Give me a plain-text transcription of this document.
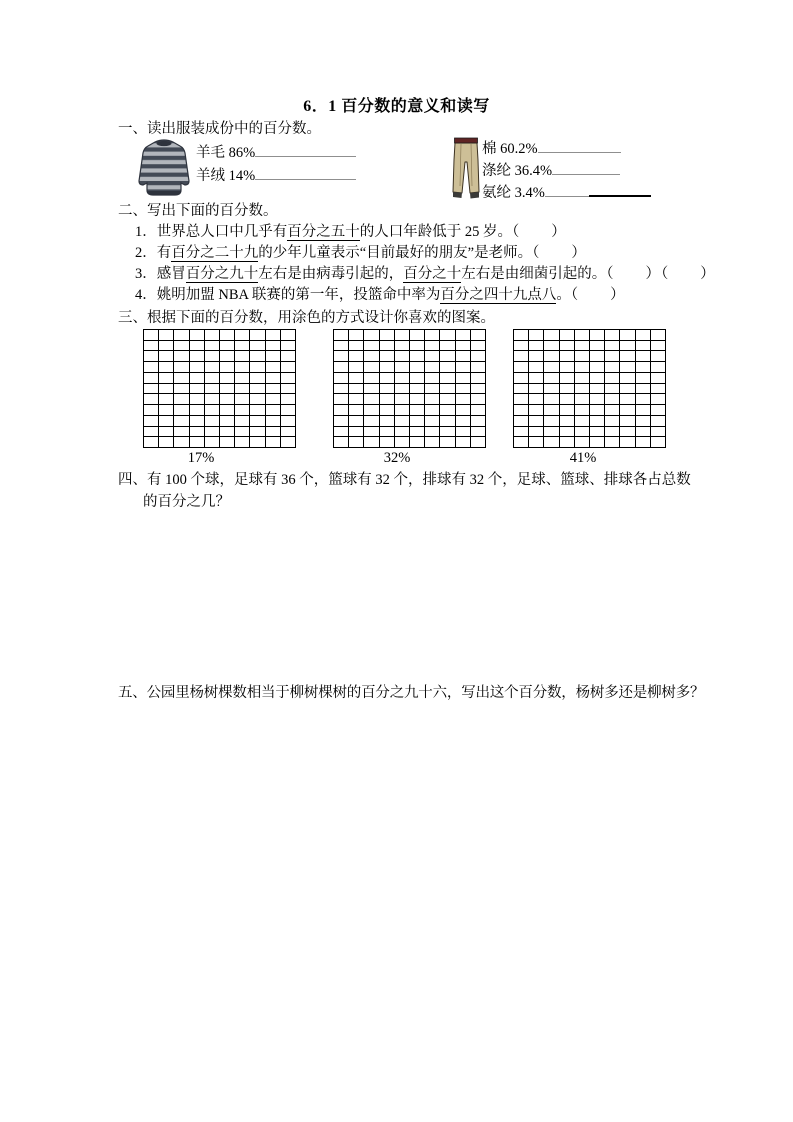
6．1 百分数的意义和读写
一、读出服装成份中的百分数。
羊毛 86%
羊绒 14%
棉 60.2%
涤纶 36.4%
氨纶 3.4%
二、写出下面的百分数。
1．世界总人口中几乎有百分之五十的人口年龄低于 25 岁。（　　）
2．有百分之二十九的少年儿童表示“目前最好的朋友”是老师。（　　）
3．感冒百分之九十左右是由病毒引起的，百分之十左右是由细菌引起的。（　　）（　　）
4．姚明加盟 NBA 联赛的第一年，投篮命中率为百分之四十九点八。（　　）
三、根据下面的百分数，用涂色的方式设计你喜欢的图案。
17%	32%	41%
四、有 100 个球，足球有 36 个，篮球有 32 个，排球有 32 个，足球、篮球、排球各占总数
的百分之几？
五、公园里杨树棵数相当于柳树棵树的百分之九十六，写出这个百分数，杨树多还是柳树多？
